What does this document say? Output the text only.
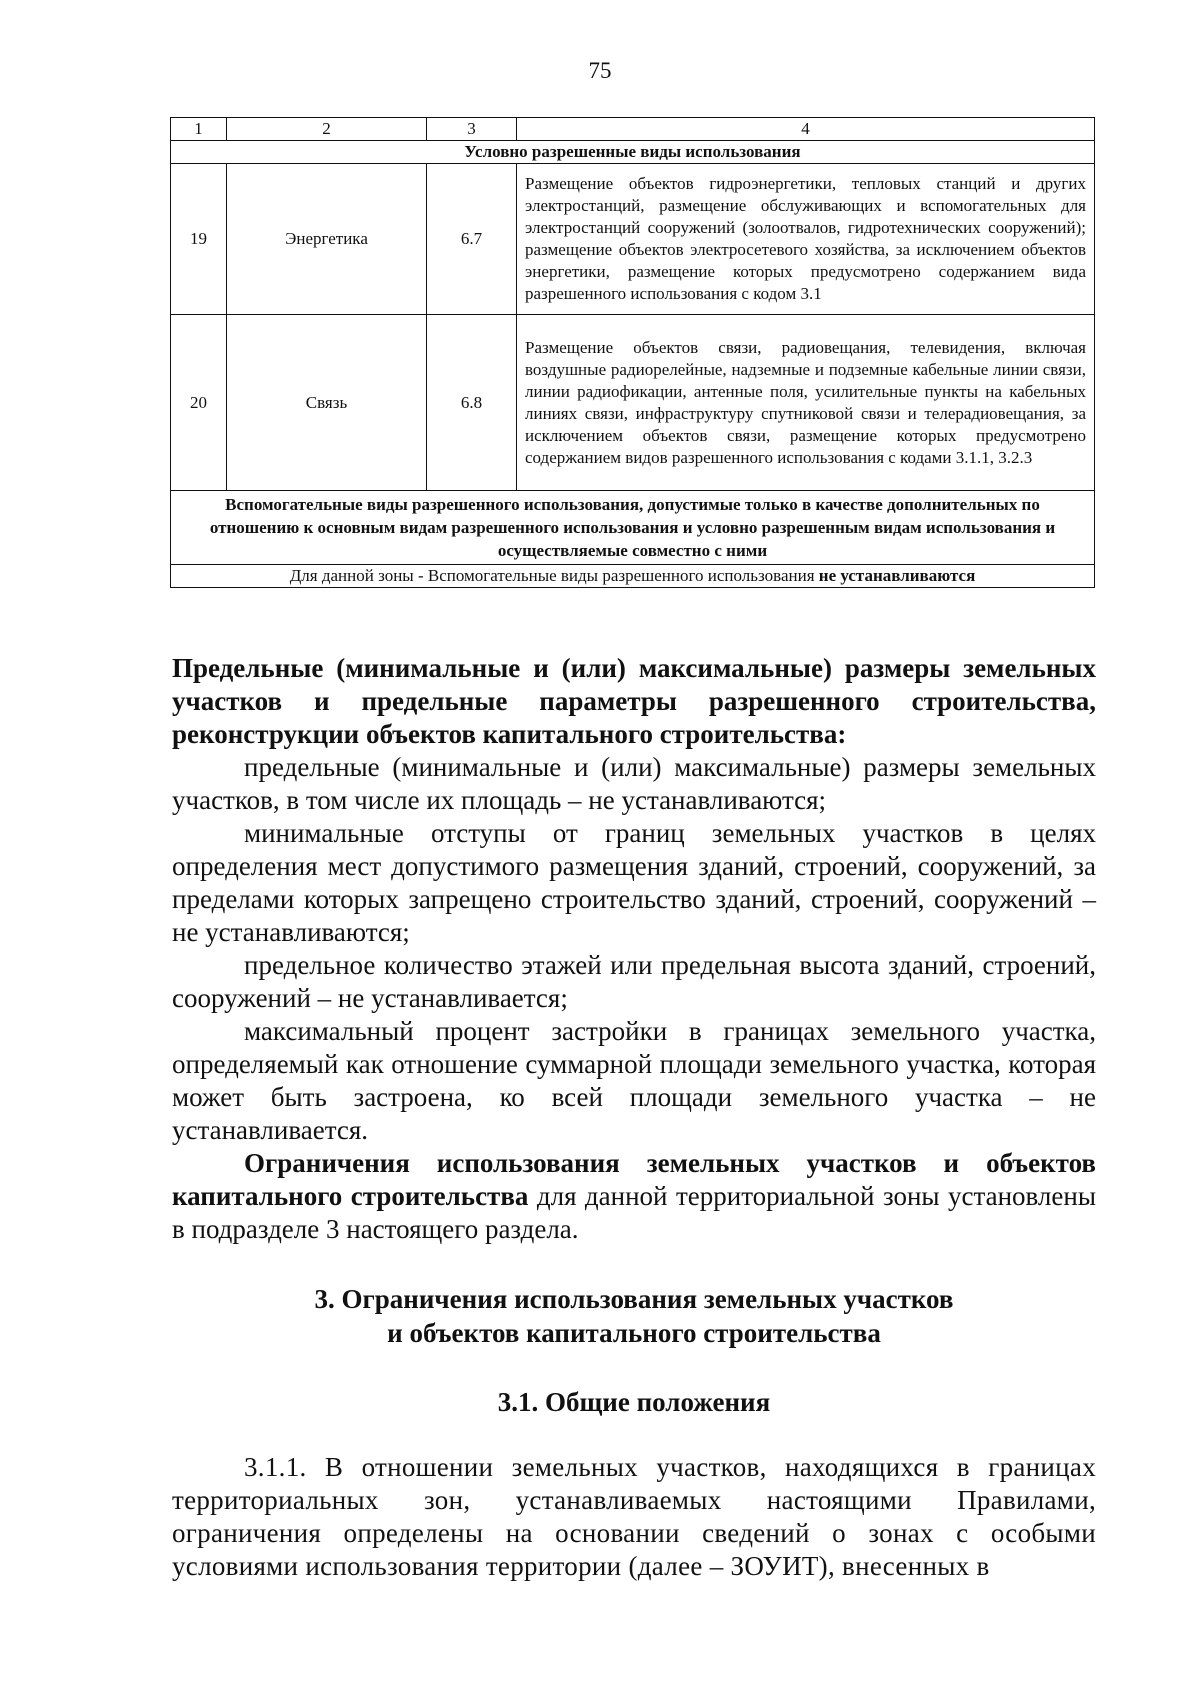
75
1	2	3	4
Условно разрешенные виды использования			
19	Энергетика	6.7	Размещение объектов гидроэнергетики, тепловых станций и других электростанций, размещение обслуживающих и вспомогательных для электростанций сооружений (золоотвалов, гидротехнических сооружений); размещение объектов электросетевого хозяйства, за исключением объектов энергетики, размещение которых предусмотрено содержанием вида разрешенного использования с кодом 3.1
20	Связь	6.8	Размещение объектов связи, радиовещания, телевидения, включая воздушные радиорелейные, надземные и подземные кабельные линии связи, линии радиофикации, антенные поля, усилительные пункты на кабельных линиях связи, инфраструктуру спутниковой связи и телерадиовещания, за исключением объектов связи, размещение которых предусмотрено содержанием видов разрешенного использования с кодами 3.1.1, 3.2.3
Вспомогательные виды разрешенного использования, допустимые только в качестве дополнительных по отношению к основным видам разрешенного использования и условно разрешенным видам использования и осуществляемые совместно с ними			
Для данной зоны - Вспомогательные виды разрешенного использования не устанавливаются			

Предельные (минимальные и (или) максимальные) размеры земельных участков и предельные параметры разрешенного строительства, реконструкции объектов капитального строительства:

предельные (минимальные и (или) максимальные) размеры земельных участков, в том числе их площадь – не устанавливаются;

минимальные отступы от границ земельных участков в целях определения мест допустимого размещения зданий, строений, сооружений, за пределами которых запрещено строительство зданий, строений, сооружений – не устанавливаются;

предельное количество этажей или предельная высота зданий, строений, сооружений – не устанавливается;

максимальный процент застройки в границах земельного участка, определяемый как отношение суммарной площади земельного участка, которая может быть застроена, ко всей площади земельного участка – не устанавливается.

Ограничения использования земельных участков и объектов капитального строительства для данной территориальной зоны установлены в подразделе 3 настоящего раздела.

3. Ограничения использования земельных участков
и объектов капитального строительства
3.1. Общие положения

3.1.1. В отношении земельных участков, находящихся в границах территориальных зон, устанавливаемых настоящими Правилами, ограничения определены на основании сведений о зонах с особыми условиями использования территории (далее – ЗОУИТ), внесенных в
